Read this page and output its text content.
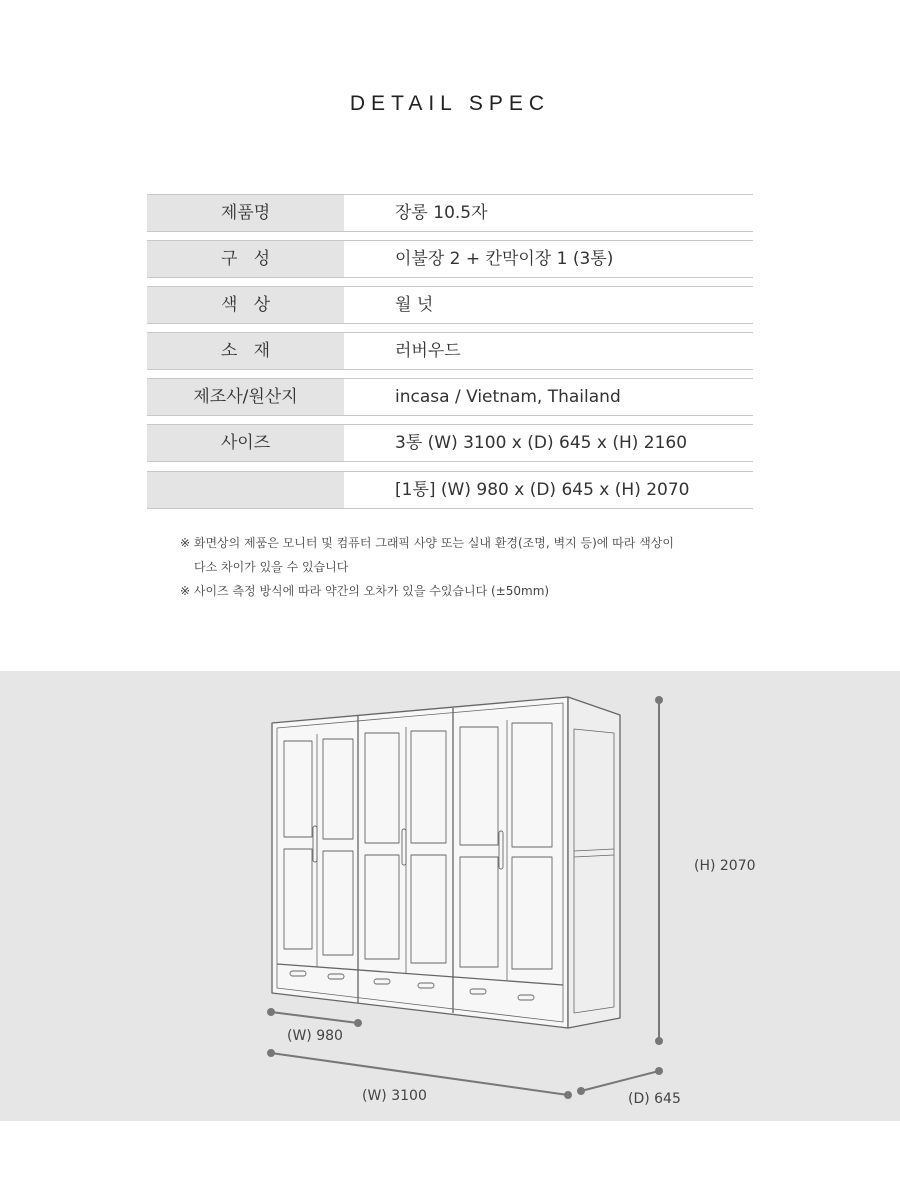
DETAIL SPEC
제품명	장롱 10.5자
구   성	이불장 2 + 칸막이장 1 (3통)
색   상	월 넛
소   재	러버우드
제조사/원산지	incasa / Vietnam, Thailand
사이즈	3통 (W) 3100 x (D) 645 x (H) 2160
[1통] (W) 980 x (D) 645 x (H) 2070
※ 화면상의 제품은 모니터 및 컴퓨터 그래픽 사양 또는 실내 환경(조명, 벽지 등)에 따라 색상이
다소 차이가 있을 수 있습니다
※ 사이즈 측정 방식에 따라 약간의 오차가 있을 수있습니다 (±50mm)
(H) 2070
(W) 980
(W) 3100	(D) 645
